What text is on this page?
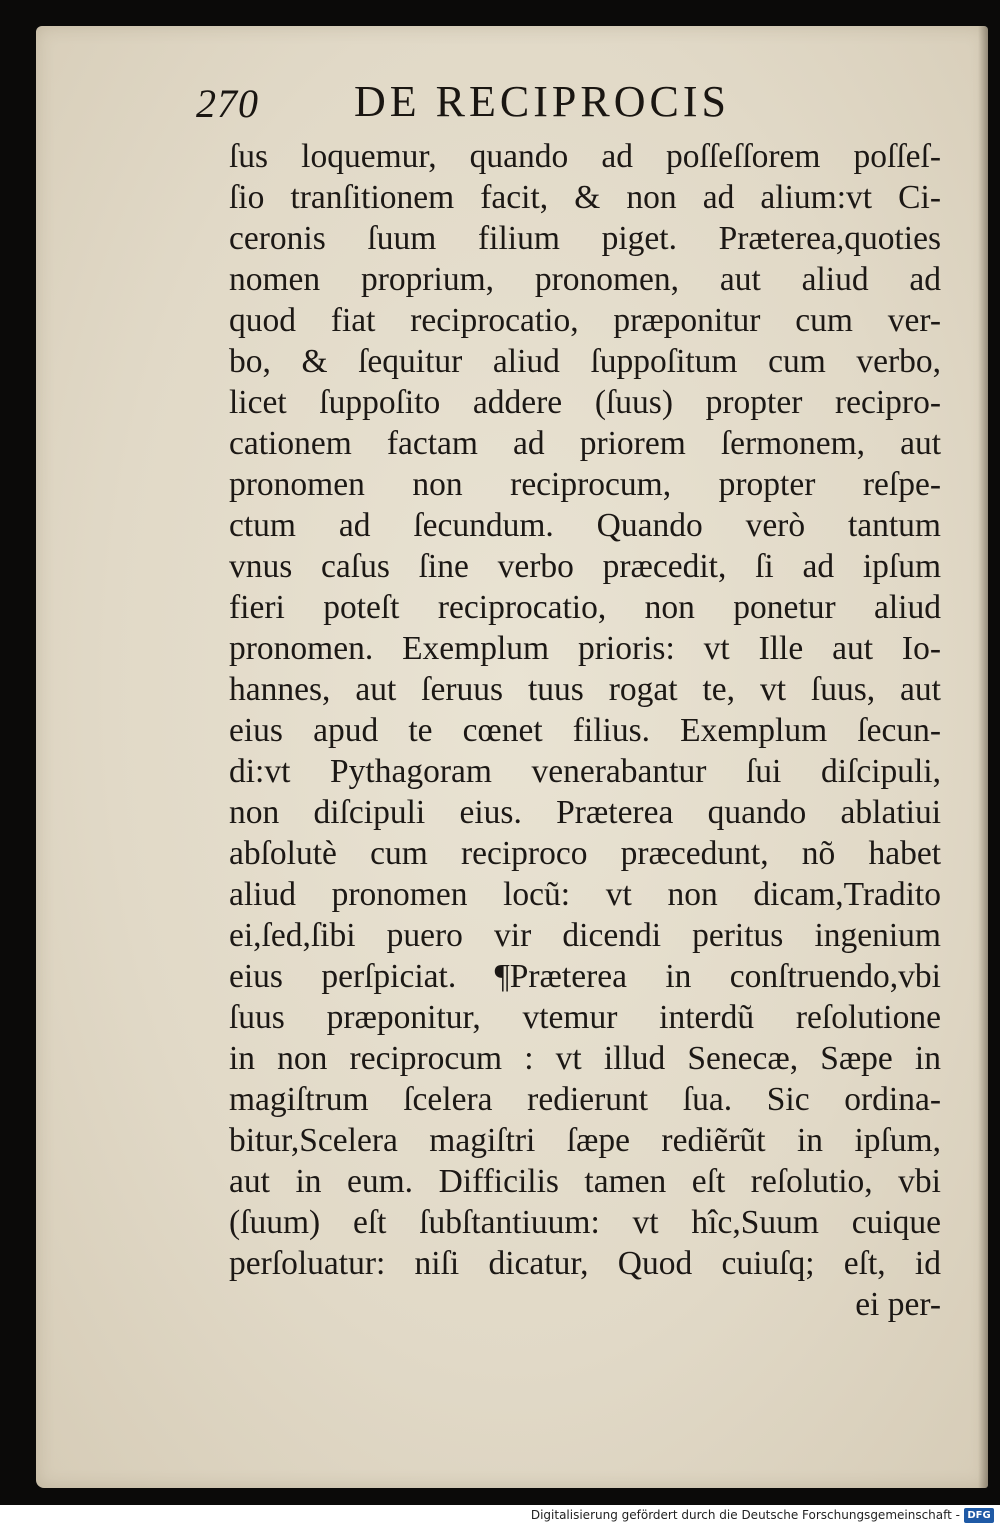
270 DE RECIPROCIS
ſus loquemur, quando ad poſſeſſorem poſſeſ-
ſio tranſitionem facit, & non ad alium:vt Ci-
ceronis ſuum filium piget. Præterea,quoties
nomen proprium, pronomen, aut aliud ad
quod fiat reciprocatio, præponitur cum ver-
bo, & ſequitur aliud ſuppoſitum cum verbo,
licet ſuppoſito addere (ſuus) propter recipro-
cationem factam ad priorem ſermonem, aut
pronomen non reciprocum, propter reſpe-
ctum ad ſecundum. Quando verò tantum
vnus caſus ſine verbo præcedit, ſi ad ipſum
fieri poteſt reciprocatio, non ponetur aliud
pronomen. Exemplum prioris: vt Ille aut Io-
hannes, aut ſeruus tuus rogat te, vt ſuus, aut
eius apud te cœnet filius. Exemplum ſecun-
di:vt Pythagoram venerabantur ſui diſcipuli,
non diſcipuli eius. Præterea quando ablatiui
abſolutè cum reciproco præcedunt, nõ habet
aliud pronomen locũ: vt non dicam,Tradito
ei,ſed,ſibi puero vir dicendi peritus ingenium
eius perſpiciat. ¶Præterea in conſtruendo,vbi
ſuus præponitur, vtemur interdũ reſolutione
in non reciprocum : vt illud Senecæ, Sæpe in
magiſtrum ſcelera redierunt ſua. Sic ordina-
bitur,Scelera magiſtri ſæpe rediẽrũt in ipſum,
aut in eum. Difficilis tamen eſt reſolutio, vbi
(ſuum) eſt ſubſtantiuum: vt hîc,Suum cuique
perſoluatur: niſi dicatur, Quod cuiuſq; eſt, id
ei per-
Digitalisierung gefördert durch die Deutsche Forschungsgemeinschaft - DFG
